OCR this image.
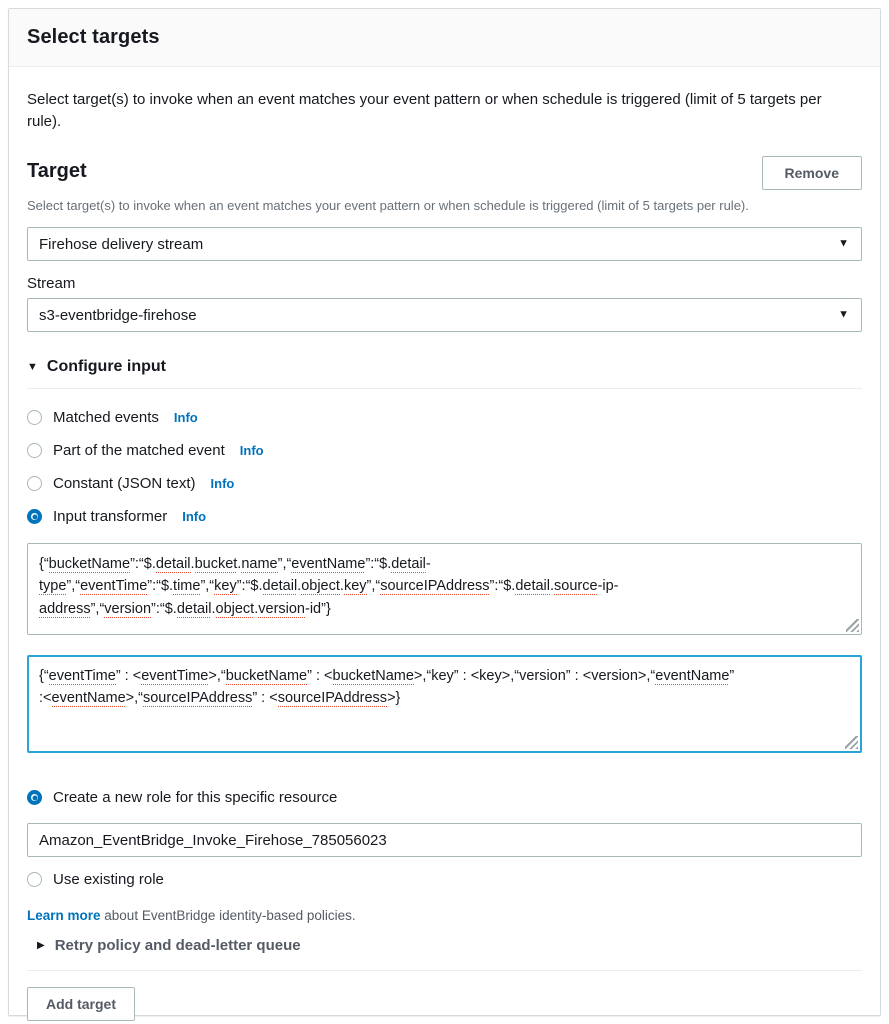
Select targets

Select target(s) to invoke when an event matches your event pattern or when schedule is triggered (limit of 5 targets per rule).

Target	Remove

Select target(s) to invoke when an event matches your event pattern or when schedule is triggered (limit of 5 targets per rule).

Firehose delivery stream	▼
Stream
s3-eventbridge-firehose	▼
▼ Configure input
Matched events Info
Part of the matched event Info
Constant (JSON text) Info
Input transformer Info
{“bucketName”:“$.detail.bucket.name”,“eventName”:“$.detail-
type”,“eventTime”:“$.time”,“key”:“$.detail.object.key”,“sourceIPAddress”:“$.detail.source-ip-
address”,“version”:“$.detail.object.version-id”}
{“eventTime” : <eventTime>,“bucketName” : <bucketName>,“key” : <key>,“version” : <version>,“eventName”
:<eventName>,“sourceIPAddress” : <sourceIPAddress>}
Create a new role for this specific resource
Amazon_EventBridge_Invoke_Firehose_785056023
Use existing role
Learn more about EventBridge identity-based policies.
▶ Retry policy and dead-letter queue
Add target
